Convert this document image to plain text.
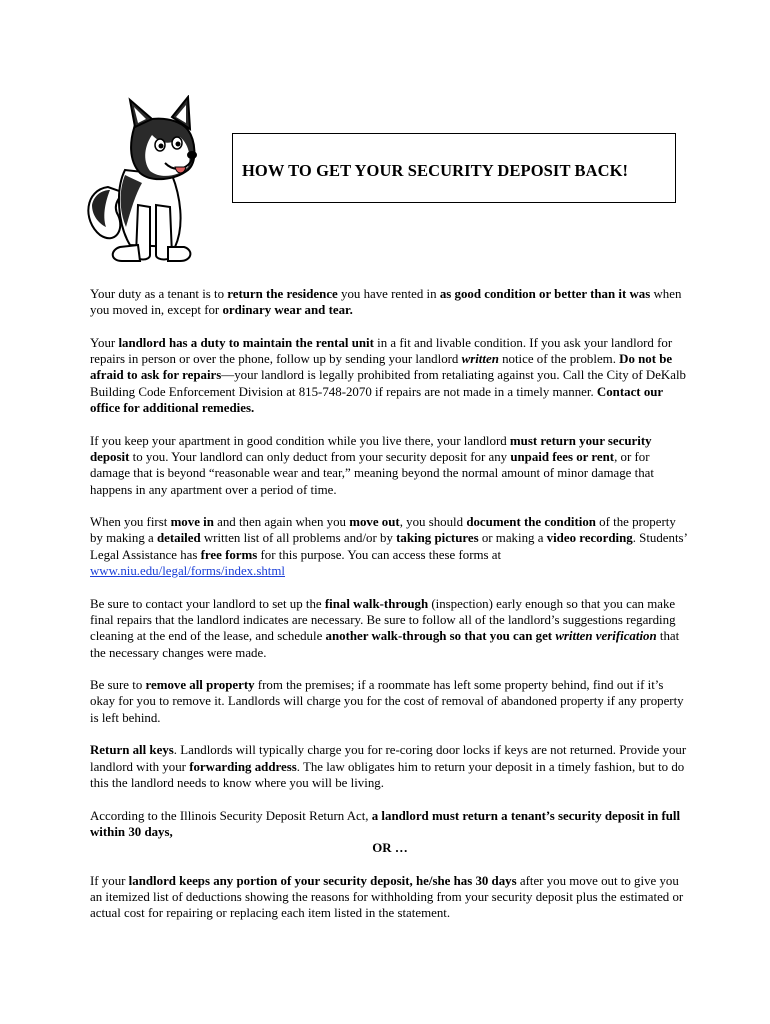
HOW TO GET YOUR SECURITY DEPOSIT BACK!

Your duty as a tenant is to return the residence you have rented in as good condition or better than it was when you moved in, except for ordinary wear and tear.

Your landlord has a duty to maintain the rental unit in a fit and livable condition. If you ask your landlord for repairs in person or over the phone, follow up by sending your landlord written notice of the problem. Do not be afraid to ask for repairs—your landlord is legally prohibited from retaliating against you. Call the City of DeKalb Building Code Enforcement Division at 815-748-2070 if repairs are not made in a timely manner. Contact our office for additional remedies.

If you keep your apartment in good condition while you live there, your landlord must return your security deposit to you. Your landlord can only deduct from your security deposit for any unpaid fees or rent, or for damage that is beyond “reasonable wear and tear,” meaning beyond the normal amount of minor damage that happens in any apartment over a period of time.

When you first move in and then again when you move out, you should document the condition of the property by making a detailed written list of all problems and/or by taking pictures or making a video recording. Students’ Legal Assistance has free forms for this purpose. You can access these forms at www.niu.edu/legal/forms/index.shtml

Be sure to contact your landlord to set up the final walk-through (inspection) early enough so that you can make final repairs that the landlord indicates are necessary. Be sure to follow all of the landlord’s suggestions regarding cleaning at the end of the lease, and schedule another walk-through so that you can get written verification that the necessary changes were made.

Be sure to remove all property from the premises; if a roommate has left some property behind, find out if it’s okay for you to remove it. Landlords will charge you for the cost of removal of abandoned property if any property is left behind.

Return all keys. Landlords will typically charge you for re-coring door locks if keys are not returned. Provide your landlord with your forwarding address. The law obligates him to return your deposit in a timely fashion, but to do this the landlord needs to know where you will be living.

According to the Illinois Security Deposit Return Act, a landlord must return a tenant’s security deposit in full within 30 days,

OR …

If your landlord keeps any portion of your security deposit, he/she has 30 days after you move out to give you an itemized list of deductions showing the reasons for withholding from your security deposit plus the estimated or actual cost for repairing or replacing each item listed in the statement.
